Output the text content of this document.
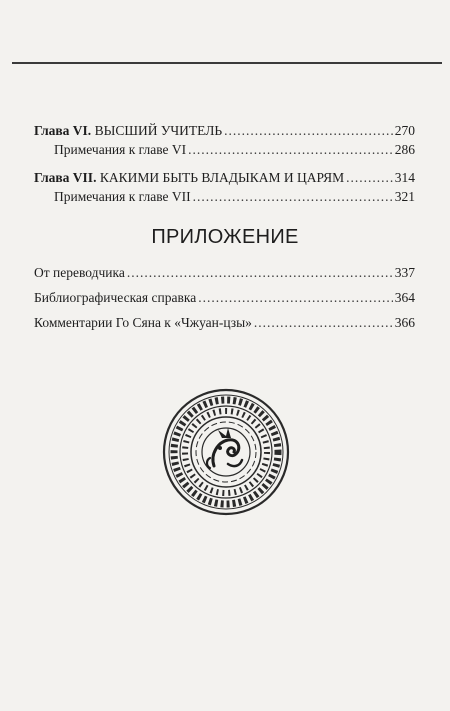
Глава VI. ВЫСШИЙ УЧИТЕЛЬ .....	270
Примечания к главе VI .....	286
Глава VII. КАКИМИ БЫТЬ ВЛАДЫКАМ И ЦАРЯМ .....	314
Примечания к главе VII .....	321
ПРИЛОЖЕНИЕ
От переводчика .....	337
Библиографическая справка .....	364
Комментарии Го Сяна к «Чжуан-цзы» .....	366
